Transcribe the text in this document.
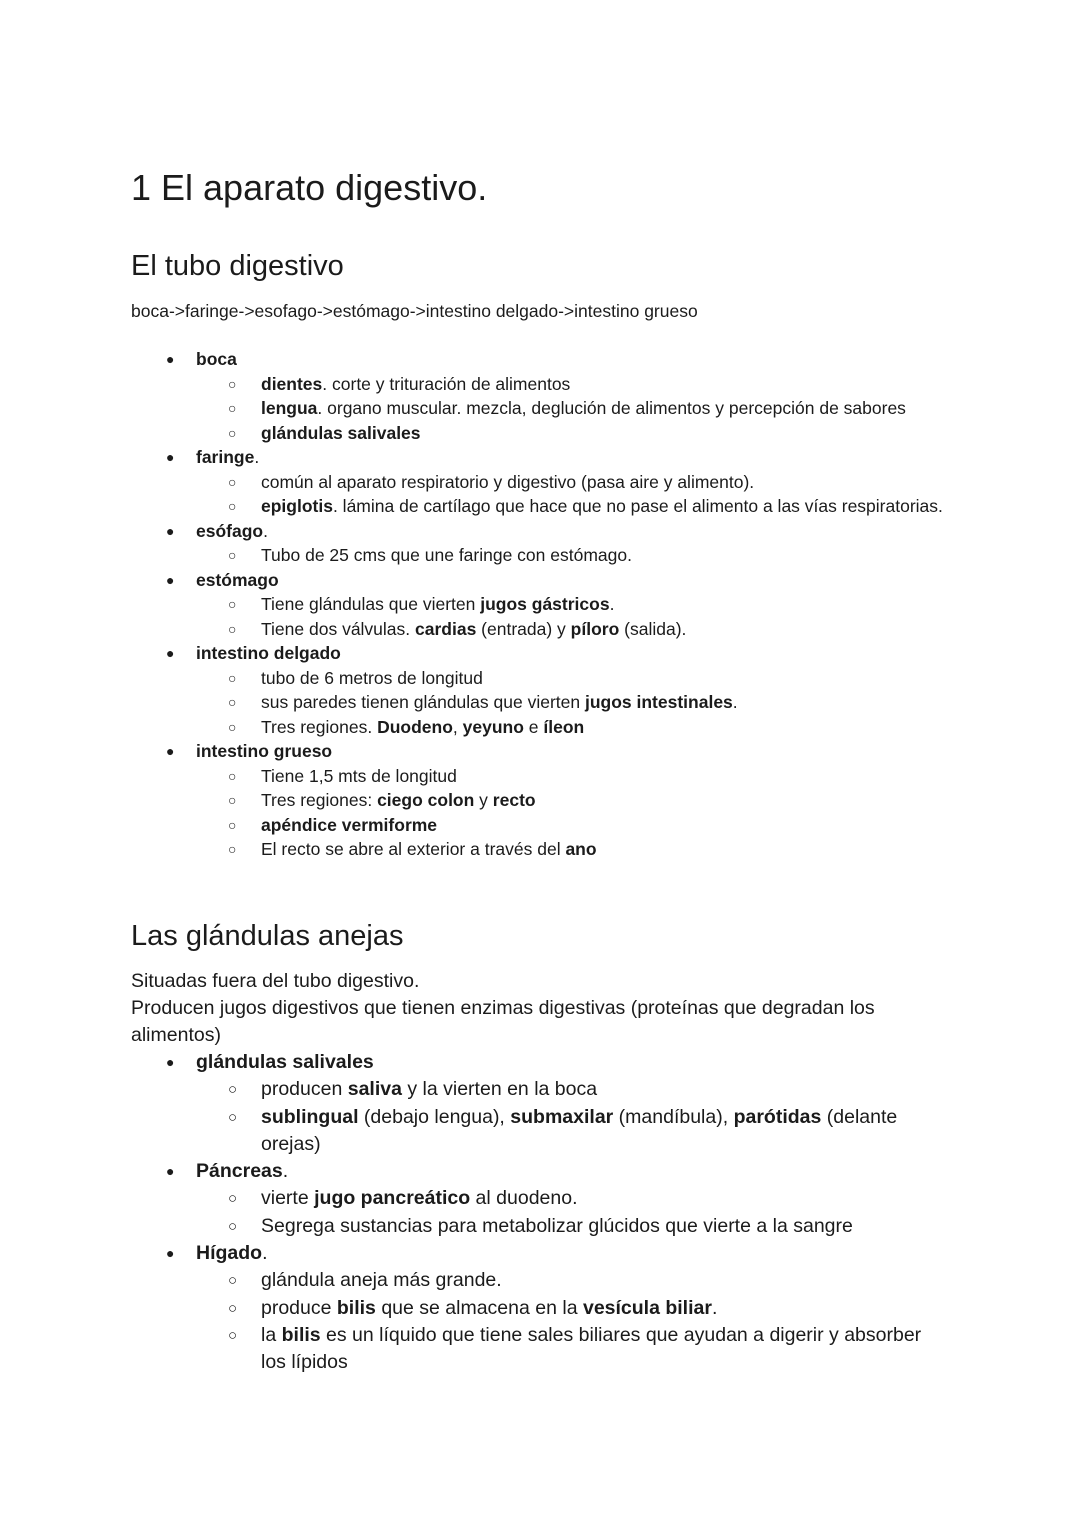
1 El aparato digestivo.
El tubo digestivo
boca->faringe->esofago->estómago->intestino delgado->intestino grueso
● boca
○ dientes. corte y trituración de alimentos
○ lengua. organo muscular. mezcla, deglución de alimentos y percepción de sabores
○ glándulas salivales
● faringe.
○ común al aparato respiratorio y digestivo (pasa aire y alimento).
○ epiglotis. lámina de cartílago que hace que no pase el alimento a las vías respiratorias.
● esófago.
○ Tubo de 25 cms que une faringe con estómago.
● estómago
○ Tiene glándulas que vierten jugos gástricos.
○ Tiene dos válvulas. cardias (entrada) y píloro (salida).
● intestino delgado
○ tubo de 6 metros de longitud
○ sus paredes tienen glándulas que vierten jugos intestinales.
○ Tres regiones. Duodeno, yeyuno e íleon
● intestino grueso
○ Tiene 1,5 mts de longitud
○ Tres regiones: ciego colon y recto
○ apéndice vermiforme
○ El recto se abre al exterior a través del ano
Las glándulas anejas
Situadas fuera del tubo digestivo.
Producen jugos digestivos que tienen enzimas digestivas (proteínas que degradan los alimentos)
● glándulas salivales
○ producen saliva y la vierten en la boca
○ sublingual (debajo lengua), submaxilar (mandíbula), parótidas (delante orejas)
● Páncreas.
○ vierte jugo pancreático al duodeno.
○ Segrega sustancias para metabolizar glúcidos que vierte a la sangre
● Hígado.
○ glándula aneja más grande.
○ produce bilis que se almacena en la vesícula biliar.
○ la bilis es un líquido que tiene sales biliares que ayudan a digerir y absorber los lípidos
